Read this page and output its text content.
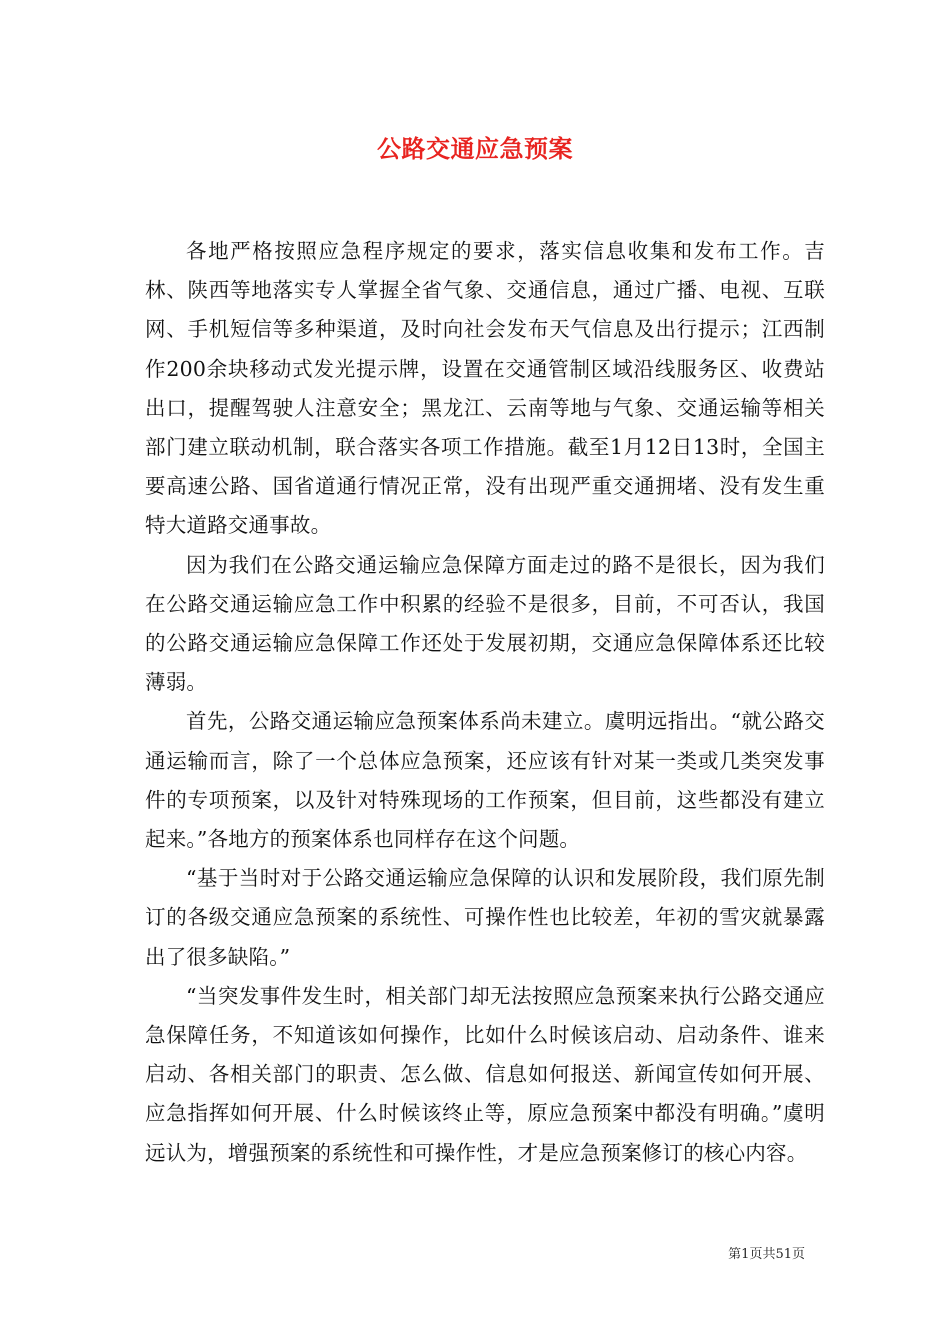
公路交通应急预案

各地严格按照应急程序规定的要求，落实信息收集和发布工作。吉林、陕西等地落实专人掌握全省气象、交通信息，通过广播、电视、互联网、手机短信等多种渠道，及时向社会发布天气信息及出行提示；江西制作200余块移动式发光提示牌，设置在交通管制区域沿线服务区、收费站出口，提醒驾驶人注意安全；黑龙江、云南等地与气象、交通运输等相关部门建立联动机制，联合落实各项工作措施。截至1月12日13时，全国主要高速公路、国省道通行情况正常，没有出现严重交通拥堵、没有发生重特大道路交通事故。

因为我们在公路交通运输应急保障方面走过的路不是很长，因为我们在公路交通运输应急工作中积累的经验不是很多，目前，不可否认，我国的公路交通运输应急保障工作还处于发展初期，交通应急保障体系还比较薄弱。

首先，公路交通运输应急预案体系尚未建立。虞明远指出。“就公路交通运输而言，除了一个总体应急预案，还应该有针对某一类或几类突发事件的专项预案，以及针对特殊现场的工作预案，但目前，这些都没有建立起来。”各地方的预案体系也同样存在这个问题。

“基于当时对于公路交通运输应急保障的认识和发展阶段，我们原先制订的各级交通应急预案的系统性、可操作性也比较差，年初的雪灾就暴露出了很多缺陷。”

“当突发事件发生时，相关部门却无法按照应急预案来执行公路交通应急保障任务，不知道该如何操作，比如什么时候该启动、启动条件、谁来启动、各相关部门的职责、怎么做、信息如何报送、新闻宣传如何开展、应急指挥如何开展、什么时候该终止等，原应急预案中都没有明确。”虞明远认为，增强预案的系统性和可操作性，才是应急预案修订的核心内容。

第1页共51页
